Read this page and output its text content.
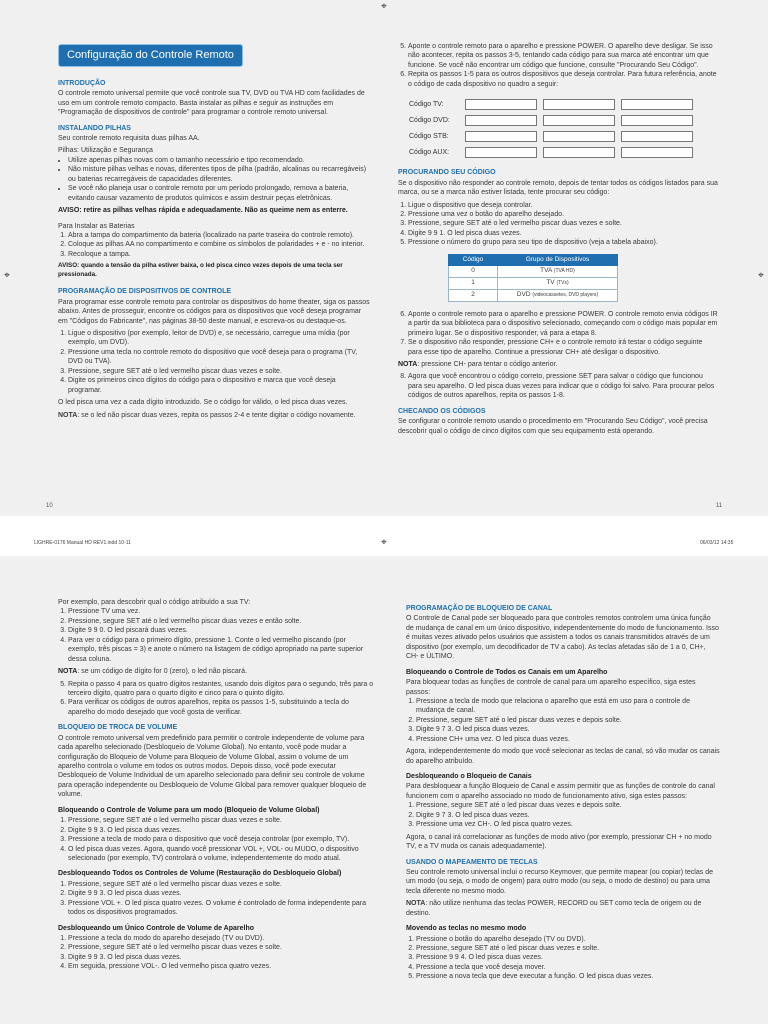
Configuração do Controle Remoto
INTRODUÇÃO

O controle remoto universal permite que você controle sua TV, DVD ou TVA HD com facilidades de uso em um controle remoto compacto. Basta instalar as pilhas e seguir as instruções em "Programação de dispositivos de controle" para programar o controle remoto universal.

INSTALANDO PILHAS

Seu controle remoto requisita duas pilhas AA.

Pilhas: Utilização e Segurança

• Utilize apenas pilhas novas com o tamanho necessário e tipo recomendado.
• Não misture pilhas velhas e novas, diferentes tipos de pilha (padrão, alcalinas ou recarregáveis) ou baterias recarregáveis de capacidades diferentes.
• Se você não planeja usar o controle remoto por um período prolongado, remova a bateria, evitando causar vazamento de produtos químicos e assim destruir peças eletrônicas.
AVISO: retire as pilhas velhas rápida e adequadamente. Não as queime nem as enterre.

Para Instalar as Baterias

1. Abra a tampa do compartimento da bateria (localizado na parte traseira do controle remoto).
2. Coloque as pilhas AA no compartimento e combine os símbolos de polaridades + e - no interior.
3. Recoloque a tampa.
AVISO: quando a tensão da pilha estiver baixa, o led pisca cinco vezes depois de uma tecla ser pressionada.
PROGRAMAÇÃO DE DISPOSITIVOS DE CONTROLE

Para programar esse controle remoto para controlar os dispositivos do home theater, siga os passos abaixo. Antes de prosseguir, encontre os códigos para os dispositivos que você deseja programar em "Códigos do Fabricante", nas páginas 38-50 deste manual, e escreva-os ou destaque-os.

1. Ligue o dispositivo (por exemplo, leitor de DVD) e, se necessário, carregue uma mídia (por exemplo, um DVD).
2. Pressione uma tecla no controle remoto do dispositivo que você deseja para o programa (TV, DVD ou TVA).
3. Pressione, segure SET até o led vermelho piscar duas vezes e solte.
4. Digite os primeiros cinco dígitos do código para o dispositivo e marca que você deseja programar.

O led pisca uma vez a cada dígito introduzido. Se o código for válido, o led pisca duas vezes.

NOTA: se o led não piscar duas vezes, repita os passos 2-4 e tente digitar o código novamente.

10
5. Aponte o controle remoto para o aparelho e pressione POWER. O aparelho deve desligar. Se isso não acontecer, repita os passos 3-5, tentando cada código para sua marca até encontrar um que funcione. Se você não encontrar um código que funcione, consulte "Procurando Seu Código".
6. Repita os passos 1-5 para os outros dispositivos que deseja controlar. Para futura referência, anote o código de cada dispositivo no quadro a seguir:
Código TV:	

Código DVD:	

Código STB:	

Código AUX:	

PROCURANDO SEU CÓDIGO

Se o dispositivo não responder ao controle remoto, depois de tentar todos os códigos listados para sua marca, ou se a marca não estiver listada, tente procurar seu código:

1. Ligue o dispositivo que deseja controlar.
2. Pressione uma vez o botão do aparelho desejado.
3. Pressione, segure SET até o led vermelho piscar duas vezes e solte.
4. Digite 9 9 1. O led pisca duas vezes.
5. Pressione o número do grupo para seu tipo de dispositivo (veja a tabela abaixo).
Código	Grupo de Dispositivos
0	TVA (TVA HD)
1	TV (TVs)
2	DVD (videocassetes, DVD players)
6. Aponte o controle remoto para o aparelho e pressione POWER. O controle remoto envia códigos IR a partir da sua biblioteca para o dispositivo selecionado, começando com o código mais popular em primeiro lugar. Se o dispositivo responder, vá para a etapa 8.
7. Se o dispositivo não responder, pressione CH+ e o controle remoto irá testar o código seguinte para esse tipo de aparelho. Continue a pressionar CH+ até desligar o dispositivo.

NOTA: pressione CH- para tentar o código anterior.

8. Agora que você encontrou o código correto, pressione SET para salvar o código que funcionou para seu aparelho. O led pisca duas vezes para indicar que o código foi salvo. Para procurar pelos códigos de outros aparelhos, repita os passos 1-8.
CHECANDO OS CÓDIGOS

Se configurar o controle remoto usando o procedimento em "Procurando Seu Código", você precisa descobrir qual o código de cinco dígitos com que seu equipamento está operando.

11
⌖
⌖	⌖
⌖
LIGHRE-0176 Manual HD REV1.indd 10-11	06/03/12 14:35

Por exemplo, para descobrir qual o código atribuído a sua TV:

1. Pressione TV uma vez.
2. Pressione, segure SET até o led vermelho piscar duas vezes e então solte.
3. Digite 9 9 0. O led piscará duas vezes.
4. Para ver o código para o primeiro dígito, pressione 1. Conte o led vermelho piscando (por exemplo, três piscas = 3) e anote o número na listagem de código apropriado na parte superior dessa coluna.

NOTA: se um código de dígito for 0 (zero), o led não piscará.

5. Repita o passo 4 para os quatro dígitos restantes, usando dois dígitos para o segundo, três para o terceiro dígito, quatro para o quarto dígito e cinco para o quinto dígito.
6. Para verificar os códigos de outros aparelhos, repita os passos 1-5, substituindo a tecla do aparelho do modo desejado que você gosta de verificar.
BLOQUEIO DE TROCA DE VOLUME

O controle remoto universal vem predefinido para permitir o controle independente de volume para cada aparelho selecionado (Desbloqueio de Volume Global). No entanto, você pode mudar a configuração do Bloqueio de Volume para Bloqueio de Volume Global, assim o volume de um aparelho controla o volume em todos os outros modos. Depois disso, você pode executar Desbloqueio de Volume Individual de um aparelho selecionado para definir seu controle de volume para operação independente ou Desbloqueio de Volume Global para remover qualquer bloqueio de volume.

Bloqueando o Controle de Volume para um modo (Bloqueio de Volume Global)
1. Pressione, segure SET até o led vermelho piscar duas vezes e solte.
2. Digite 9 9 3. O led pisca duas vezes.
3. Pressione a tecla de modo para o dispositivo que você deseja controlar (por exemplo, TV).
4. O led pisca duas vezes. Agora, quando você pressionar VOL +, VOL- ou MUDO, o dispositivo selecionado (por exemplo, TV) controlará o volume, independentemente do modo atual.
Desbloqueando Todos os Controles de Volume (Restauração do Desbloqueio Global)
1. Pressione, segure SET até o led vermelho piscar duas vezes e solte.
2. Digite 9 9 3. O led pisca duas vezes.
3. Pressione VOL +. O led pisca quatro vezes. O volume é controlado de forma independente para todos os dispositivos programados.
Desbloqueando um Único Controle de Volume de Aparelho
1. Pressione a tecla do modo do aparelho desejado (TV ou DVD).
2. Pressione, segure SET até o led vermelho piscar duas vezes e solte.
3. Digite 9 9 3. O led pisca duas vezes.
4. Em seguida, pressione VOL-. O led vermelho pisca quatro vezes.
PROGRAMAÇÃO DE BLOQUEIO DE CANAL

O Controle de Canal pode ser bloqueado para que controles remotos controlem uma única função de mudança de canal em um único dispositivo, independentemente do modo de funcionamento. Isso é muitas vezes ativado pelos usuários que assistem a todos os canais transmitidos através de um dispositivo (por exemplo, um decodificador de TV a cabo). As teclas afetadas são de 1 a 0, CH+, CH- e ÚLTIMO.

Bloqueando o Controle de Todos os Canais em um Aparelho

Para bloquear todas as funções de controle de canal para um aparelho específico, siga estes passos:

1. Pressione a tecla de modo que relaciona o aparelho que está em uso para o controle de mudança de canal.
2. Pressione, segure SET até o led piscar duas vezes e depois solte.
3. Digite 9 7 3. O led pisca duas vezes.
4. Pressione CH+ uma vez. O led pisca duas vezes.

Agora, independentemente do modo que você selecionar as teclas de canal, só vão mudar os canais do aparelho atribuído.

Desbloqueando o Bloqueio de Canais

Para desbloquear a função Bloqueio de Canal e assim permitir que as funções de controle do canal funcionem com o aparelho associado no modo de funcionamento ativo, siga estes passos:

1. Pressione, segure SET até o led piscar duas vezes e depois solte.
2. Digite 9 7 3. O led pisca duas vezes.
3. Pressione uma vez CH-. O led pisca quatro vezes.

Agora, o canal irá correlacionar as funções de modo ativo (por exemplo, pressionar CH + no modo TV, e a TV muda os canais adequadamente).

USANDO O MAPEAMENTO DE TECLAS

Seu controle remoto universal inclui o recurso Keymover, que permite mapear (ou copiar) teclas de um modo (ou seja, o modo de origem) para outro modo (ou seja, o modo de destino) ou para uma tecla diferente no mesmo modo.

NOTA: não utilize nenhuma das teclas POWER, RECORD ou SET como tecla de origem ou de destino.

Movendo as teclas no mesmo modo
1. Pressione o botão do aparelho desejado (TV ou DVD).
2. Pressione, segure SET até o led piscar duas vezes e solte.
3. Pressione 9 9 4. O led pisca duas vezes.
4. Pressione a tecla que você deseja mover.
5. Pressione a nova tecla que deve executar a função. O led pisca duas vezes.
